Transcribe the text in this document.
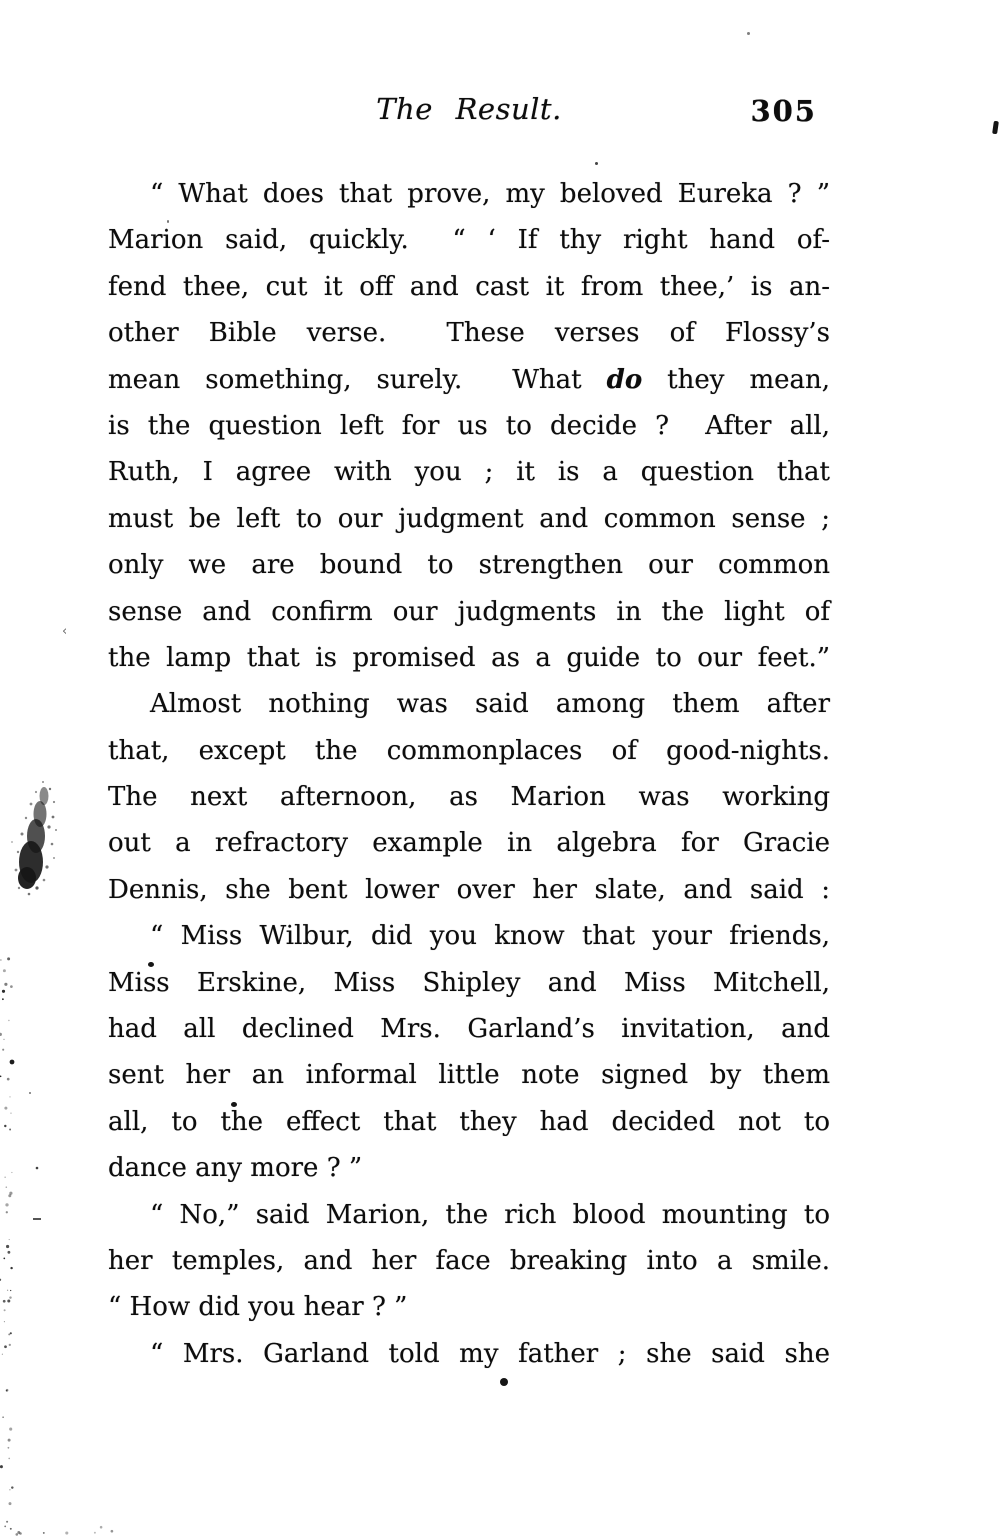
The Result.	305
“ What does that prove, my beloved Eureka ? ”
Marion said, quickly.  “ ‘ If thy right hand of-
fend thee, cut it off and cast it from thee,’ is an-
other Bible verse.  These verses of Flossy’s
mean something, surely.  What do they mean,
is the question left for us to decide ?  After all,
Ruth, I agree with you ; it is a question that
must be left to our judgment and common sense ;
only we are bound to strengthen our common
sense and confirm our judgments in the light of
the lamp that is promised as a guide to our feet.”
Almost nothing was said among them after
that, except the commonplaces of good-nights.
The next afternoon, as Marion was working
out a refractory example in algebra for Gracie
Dennis, she bent lower over her slate, and said :
“ Miss Wilbur, did you know that your friends,
Miss Erskine, Miss Shipley and Miss Mitchell,
had all declined Mrs. Garland’s invitation, and
sent her an informal little note signed by them
all, to the effect that they had decided not to
dance any more ? ”
“ No,” said Marion, the rich blood mounting to
her temples, and her face breaking into a smile.
“ How did you hear ? ”
“ Mrs. Garland told my father ; she said she
‹
